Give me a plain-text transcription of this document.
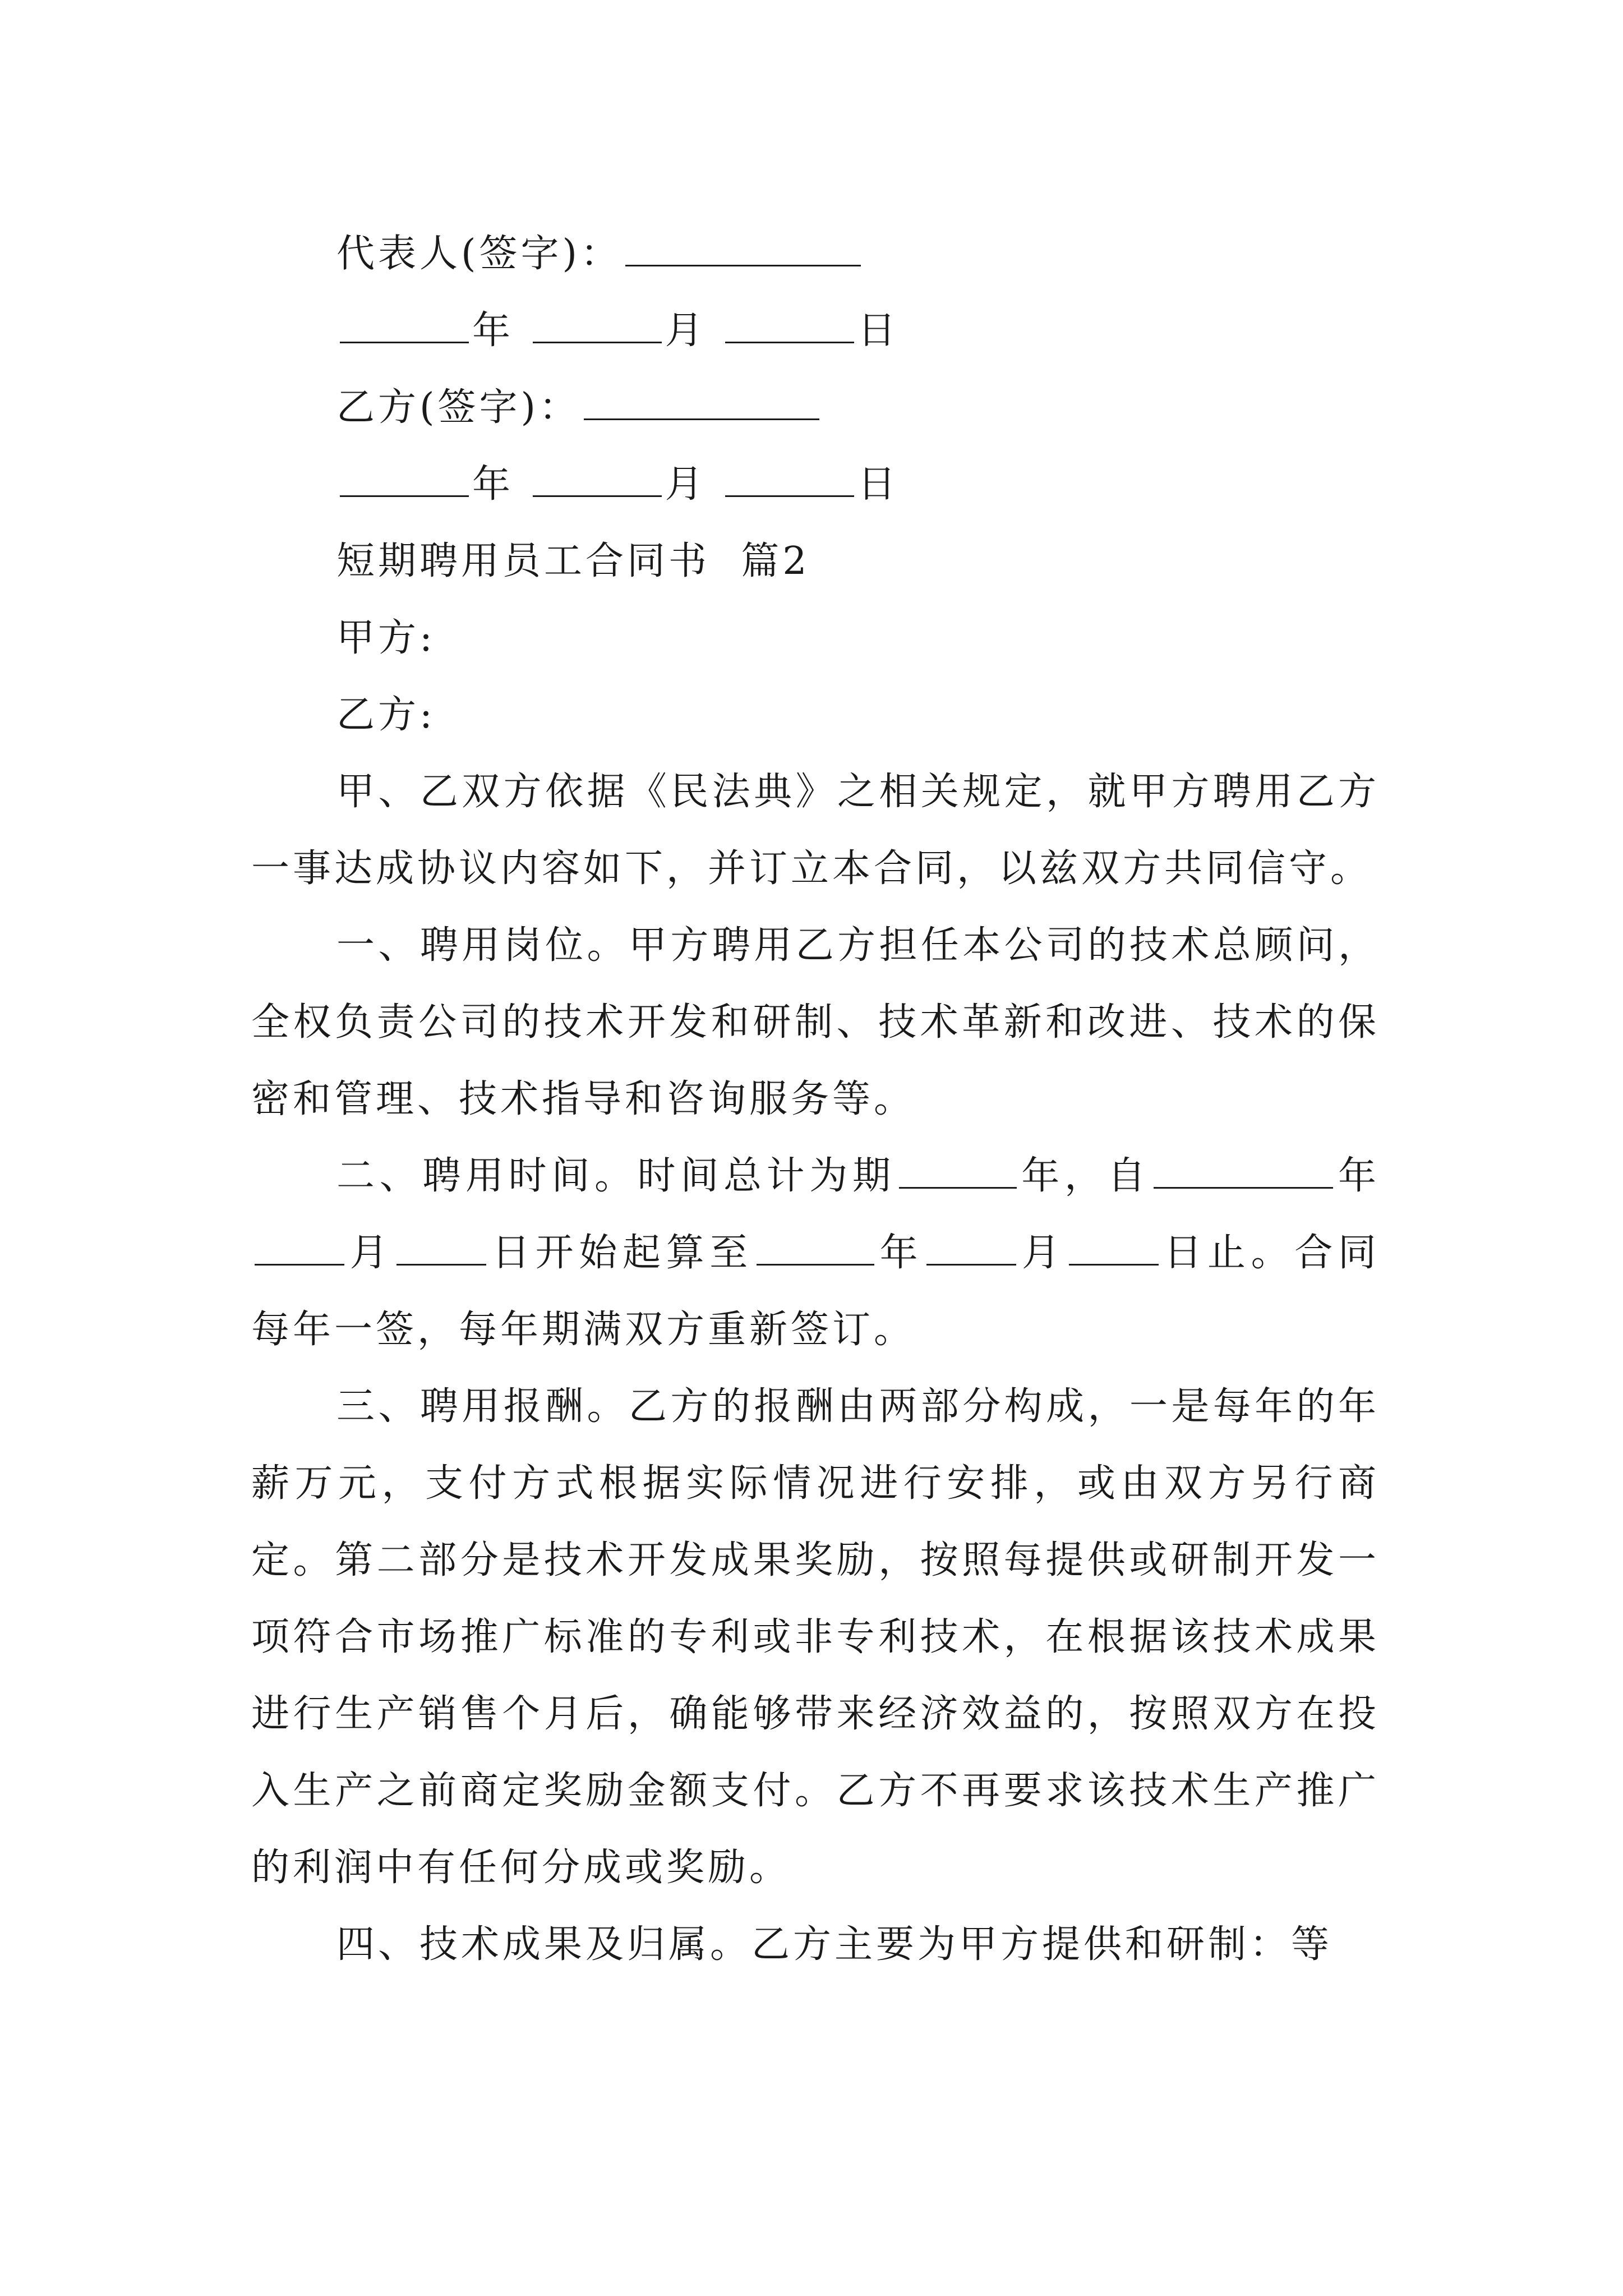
代表人(签字)：
年	月	日
乙方(签字)：
年	月	日
短期聘用员工合同书  篇2
甲方:
乙方:

甲、乙双方依据《民法典》之相关规定，就甲方聘用乙方一事达成协议内容如下，并订立本合同，以兹双方共同信守。

一、聘用岗位。甲方聘用乙方担任本公司的技术总顾问，全权负责公司的技术开发和研制、技术革新和改进、技术的保密和管理、技术指导和咨询服务等。

二、聘用时间。时间总计为期	年，自	年月	日开始起算至	年	月	日止。合同每年一签，每年期满双方重新签订。

三、聘用报酬。乙方的报酬由两部分构成，一是每年的年薪万元，支付方式根据实际情况进行安排，或由双方另行商定。第二部分是技术开发成果奖励，按照每提供或研制开发一项符合市场推广标准的专利或非专利技术，在根据该技术成果进行生产销售个月后，确能够带来经济效益的，按照双方在投入生产之前商定奖励金额支付。乙方不再要求该技术生产推广的利润中有任何分成或奖励。

四、技术成果及归属。乙方主要为甲方提供和研制：等
